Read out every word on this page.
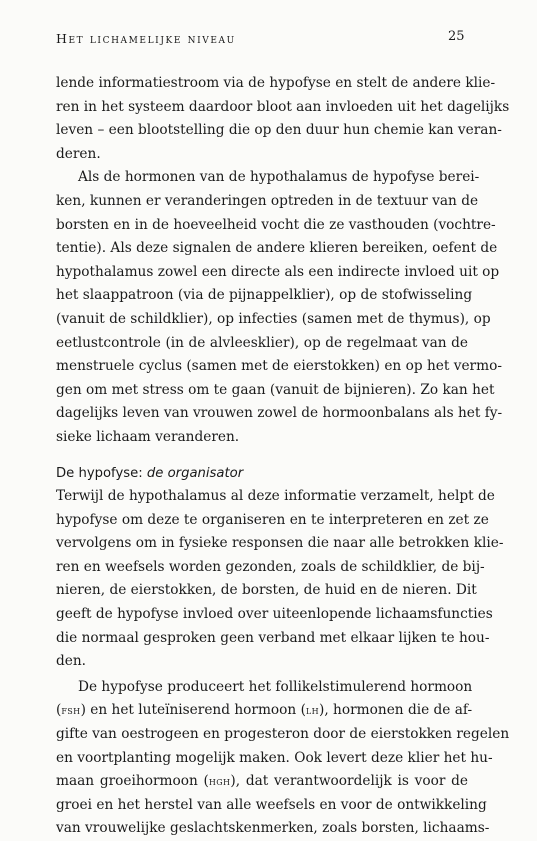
Het lichamelijke niveau	25
lende informatiestroom via de hypofyse en stelt de andere klie-
ren in het systeem daardoor bloot aan invloeden uit het dagelijks
leven – een blootstelling die op den duur hun chemie kan veran-
deren.
Als de hormonen van de hypothalamus de hypofyse berei-
ken, kunnen er veranderingen optreden in de textuur van de
borsten en in de hoeveelheid vocht die ze vasthouden (vochtre-
tentie). Als deze signalen de andere klieren bereiken, oefent de
hypothalamus zowel een directe als een indirecte invloed uit op
het slaappatroon (via de pijnappelklier), op de stofwisseling
(vanuit de schildklier), op infecties (samen met de thymus), op
eetlustcontrole (in de alvleesklier), op de regelmaat van de
menstruele cyclus (samen met de eierstokken) en op het vermo-
gen om met stress om te gaan (vanuit de bijnieren). Zo kan het
dagelijks leven van vrouwen zowel de hormoonbalans als het fy-
sieke lichaam veranderen.
De hypofyse: de organisator
Terwijl de hypothalamus al deze informatie verzamelt, helpt de
hypofyse om deze te organiseren en te interpreteren en zet ze
vervolgens om in fysieke responsen die naar alle betrokken klie-
ren en weefsels worden gezonden, zoals de schildklier, de bij-
nieren, de eierstokken, de borsten, de huid en de nieren. Dit
geeft de hypofyse invloed over uiteenlopende lichaamsfuncties
die normaal gesproken geen verband met elkaar lijken te hou-
den.
De hypofyse produceert het follikelstimulerend hormoon
(fsh) en het luteïniserend hormoon (lh), hormonen die de af-
gifte van oestrogeen en progesteron door de eierstokken regelen
en voortplanting mogelijk maken. Ook levert deze klier het hu-
maan groeihormoon (hgh), dat verantwoordelijk is voor de
groei en het herstel van alle weefsels en voor de ontwikkeling
van vrouwelijke geslachtskenmerken, zoals borsten, lichaams-
